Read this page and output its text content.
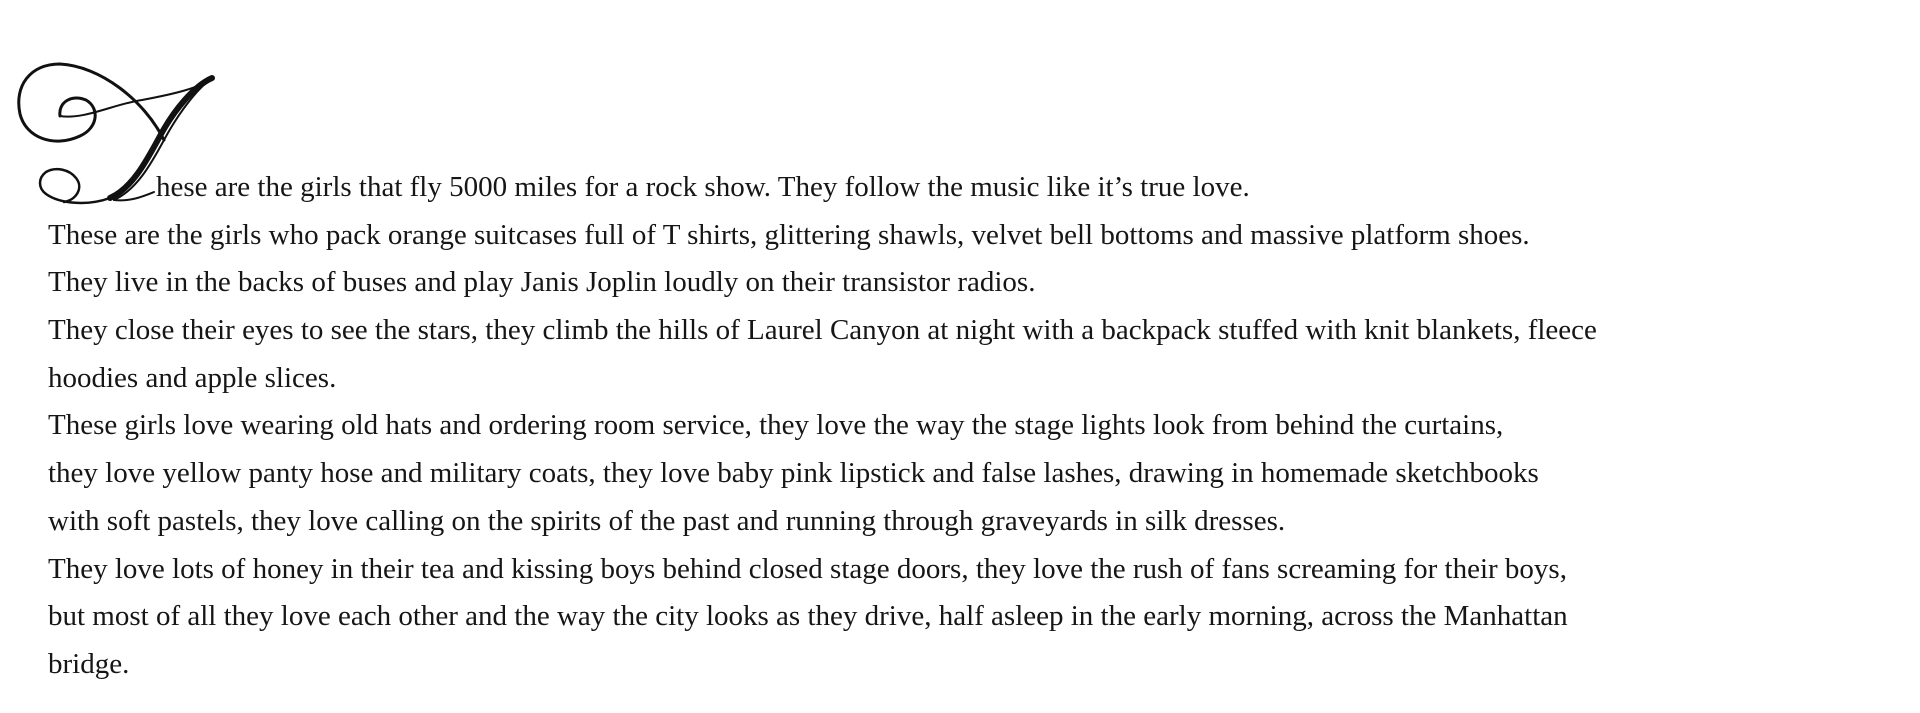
hese are the girls that fly 5000 miles for a rock show. They follow the music like it’s true love.
These are the girls who pack orange suitcases full of T shirts, glittering shawls, velvet bell bottoms and massive platform shoes.
They live in the backs of buses and play Janis Joplin loudly on their transistor radios.
They close their eyes to see the stars, they climb the hills of Laurel Canyon at night with a backpack stuffed with knit blankets, fleece
hoodies and apple slices.
These girls love wearing old hats and ordering room service, they love the way the stage lights look from behind the curtains,
they love yellow panty hose and military coats, they love baby pink lipstick and false lashes, drawing in homemade sketchbooks
with soft pastels, they love calling on the spirits of the past and running through graveyards in silk dresses.
They love lots of honey in their tea and kissing boys behind closed stage doors, they love the rush of fans screaming for their boys,
but most of all they love each other and the way the city looks as they drive, half asleep in the early morning, across the Manhattan
bridge.
